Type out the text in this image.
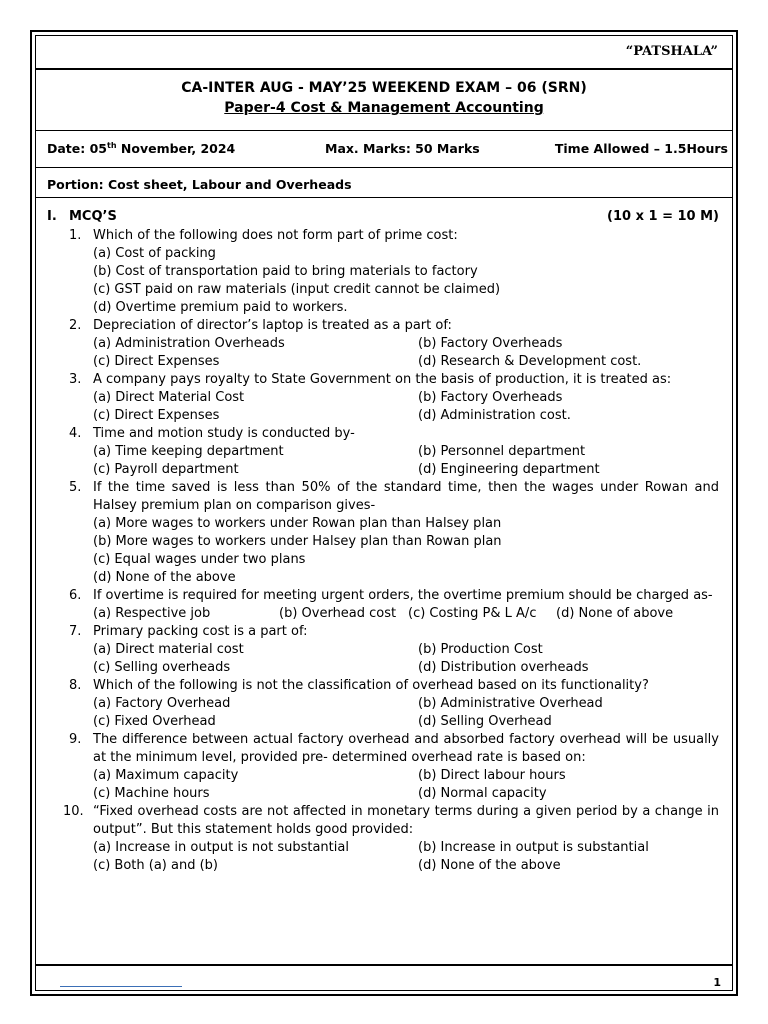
“PATSHALA”
CA-INTER AUG - MAY’25 WEEKEND EXAM – 06 (SRN)
Paper-4 Cost & Management Accounting
Date: 05th November, 2024	Max. Marks: 50 Marks	Time Allowed – 1.5Hours
Portion: Cost sheet, Labour and Overheads
I. MCQ’S	(10 x 1 = 10 M)
1. Which of the following does not form part of prime cost:
(a) Cost of packing
(b) Cost of transportation paid to bring materials to factory
(c) GST paid on raw materials (input credit cannot be claimed)
(d) Overtime premium paid to workers.
2. Depreciation of director’s laptop is treated as a part of:
(a) Administration Overheads	(b) Factory Overheads
(c) Direct Expenses	(d) Research & Development cost.
3. A company pays royalty to State Government on the basis of production, it is treated as:
(a) Direct Material Cost	(b) Factory Overheads
(c) Direct Expenses	(d) Administration cost.
4. Time and motion study is conducted by-
(a) Time keeping department	(b) Personnel department
(c) Payroll department	(d) Engineering department
5. If the time saved is less than 50% of the standard time, then the wages under Rowan and Halsey premium plan on comparison gives-
(a) More wages to workers under Rowan plan than Halsey plan
(b) More wages to workers under Halsey plan than Rowan plan
(c) Equal wages under two plans
(d) None of the above
6. If overtime is required for meeting urgent orders, the overtime premium should be charged as-
(a) Respective job	(b) Overhead cost (c) Costing P& L A/c (d) None of above
7. Primary packing cost is a part of:
(a) Direct material cost	(b) Production Cost
(c) Selling overheads	(d) Distribution overheads
8. Which of the following is not the classification of overhead based on its functionality?
(a) Factory Overhead	(b) Administrative Overhead
(c) Fixed Overhead	(d) Selling Overhead
9. The difference between actual factory overhead and absorbed factory overhead will be usually at the minimum level, provided pre- determined overhead rate is based on:
(a) Maximum capacity	(b) Direct labour hours
(c) Machine hours	(d) Normal capacity
10. “Fixed overhead costs are not affected in monetary terms during a given period by a change in output”. But this statement holds good provided:
(a) Increase in output is not substantial	(b) Increase in output is substantial
(c) Both (a) and (b)	(d) None of the above
1
